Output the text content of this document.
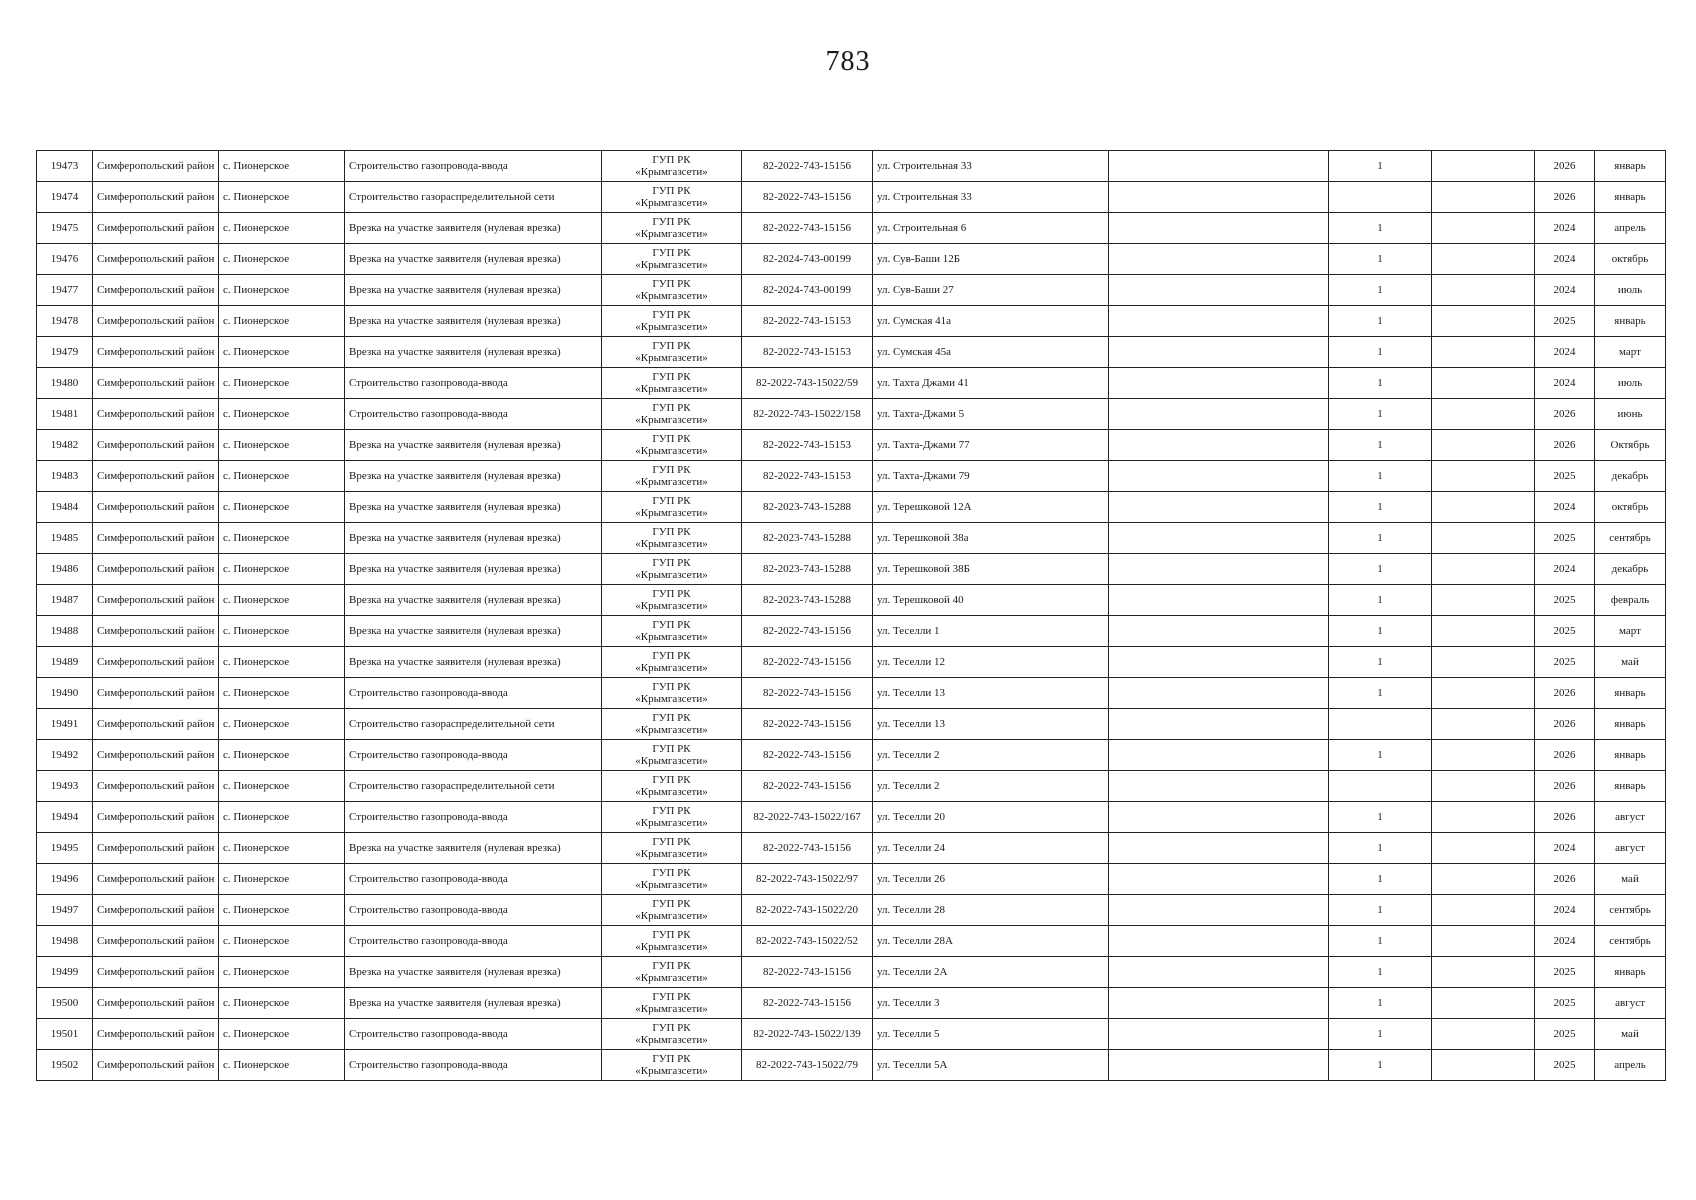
783
19473	Симферопольский район	с. Пионерское	Строительство газопровода-ввода	ГУП РК
«Крымгазсети»	82-2022-743-15156	ул. Строительная 33		1		2026	январь
19474	Симферопольский район	с. Пионерское	Строительство газораспределительной сети	ГУП РК
«Крымгазсети»	82-2022-743-15156	ул. Строительная 33				2026	январь
19475	Симферопольский район	с. Пионерское	Врезка на участке заявителя (нулевая врезка)	ГУП РК
«Крымгазсети»	82-2022-743-15156	ул. Строительная 6		1		2024	апрель
19476	Симферопольский район	с. Пионерское	Врезка на участке заявителя (нулевая врезка)	ГУП РК
«Крымгазсети»	82-2024-743-00199	ул. Сув-Баши 12Б		1		2024	октябрь
19477	Симферопольский район	с. Пионерское	Врезка на участке заявителя (нулевая врезка)	ГУП РК
«Крымгазсети»	82-2024-743-00199	ул. Сув-Баши 27		1		2024	июль
19478	Симферопольский район	с. Пионерское	Врезка на участке заявителя (нулевая врезка)	ГУП РК
«Крымгазсети»	82-2022-743-15153	ул. Сумская 41а		1		2025	январь
19479	Симферопольский район	с. Пионерское	Врезка на участке заявителя (нулевая врезка)	ГУП РК
«Крымгазсети»	82-2022-743-15153	ул. Сумская 45а		1		2024	март
19480	Симферопольский район	с. Пионерское	Строительство газопровода-ввода	ГУП РК
«Крымгазсети»	82-2022-743-15022/59	ул. Тахта Джами 41		1		2024	июль
19481	Симферопольский район	с. Пионерское	Строительство газопровода-ввода	ГУП РК
«Крымгазсети»	82-2022-743-15022/158	ул. Тахта-Джами 5		1		2026	июнь
19482	Симферопольский район	с. Пионерское	Врезка на участке заявителя (нулевая врезка)	ГУП РК
«Крымгазсети»	82-2022-743-15153	ул. Тахта-Джами 77		1		2026	Октябрь
19483	Симферопольский район	с. Пионерское	Врезка на участке заявителя (нулевая врезка)	ГУП РК
«Крымгазсети»	82-2022-743-15153	ул. Тахта-Джами 79		1		2025	декабрь
19484	Симферопольский район	с. Пионерское	Врезка на участке заявителя (нулевая врезка)	ГУП РК
«Крымгазсети»	82-2023-743-15288	ул. Терешковой 12А		1		2024	октябрь
19485	Симферопольский район	с. Пионерское	Врезка на участке заявителя (нулевая врезка)	ГУП РК
«Крымгазсети»	82-2023-743-15288	ул. Терешковой 38а		1		2025	сентябрь
19486	Симферопольский район	с. Пионерское	Врезка на участке заявителя (нулевая врезка)	ГУП РК
«Крымгазсети»	82-2023-743-15288	ул. Терешковой 38Б		1		2024	декабрь
19487	Симферопольский район	с. Пионерское	Врезка на участке заявителя (нулевая врезка)	ГУП РК
«Крымгазсети»	82-2023-743-15288	ул. Терешковой 40		1		2025	февраль
19488	Симферопольский район	с. Пионерское	Врезка на участке заявителя (нулевая врезка)	ГУП РК
«Крымгазсети»	82-2022-743-15156	ул. Теселли 1		1		2025	март
19489	Симферопольский район	с. Пионерское	Врезка на участке заявителя (нулевая врезка)	ГУП РК
«Крымгазсети»	82-2022-743-15156	ул. Теселли 12		1		2025	май
19490	Симферопольский район	с. Пионерское	Строительство газопровода-ввода	ГУП РК
«Крымгазсети»	82-2022-743-15156	ул. Теселли 13		1		2026	январь
19491	Симферопольский район	с. Пионерское	Строительство газораспределительной сети	ГУП РК
«Крымгазсети»	82-2022-743-15156	ул. Теселли 13				2026	январь
19492	Симферопольский район	с. Пионерское	Строительство газопровода-ввода	ГУП РК
«Крымгазсети»	82-2022-743-15156	ул. Теселли 2		1		2026	январь
19493	Симферопольский район	с. Пионерское	Строительство газораспределительной сети	ГУП РК
«Крымгазсети»	82-2022-743-15156	ул. Теселли 2				2026	январь
19494	Симферопольский район	с. Пионерское	Строительство газопровода-ввода	ГУП РК
«Крымгазсети»	82-2022-743-15022/167	ул. Теселли 20		1		2026	август
19495	Симферопольский район	с. Пионерское	Врезка на участке заявителя (нулевая врезка)	ГУП РК
«Крымгазсети»	82-2022-743-15156	ул. Теселли 24		1		2024	август
19496	Симферопольский район	с. Пионерское	Строительство газопровода-ввода	ГУП РК
«Крымгазсети»	82-2022-743-15022/97	ул. Теселли 26		1		2026	май
19497	Симферопольский район	с. Пионерское	Строительство газопровода-ввода	ГУП РК
«Крымгазсети»	82-2022-743-15022/20	ул. Теселли 28		1		2024	сентябрь
19498	Симферопольский район	с. Пионерское	Строительство газопровода-ввода	ГУП РК
«Крымгазсети»	82-2022-743-15022/52	ул. Теселли 28А		1		2024	сентябрь
19499	Симферопольский район	с. Пионерское	Врезка на участке заявителя (нулевая врезка)	ГУП РК
«Крымгазсети»	82-2022-743-15156	ул. Теселли 2А		1		2025	январь
19500	Симферопольский район	с. Пионерское	Врезка на участке заявителя (нулевая врезка)	ГУП РК
«Крымгазсети»	82-2022-743-15156	ул. Теселли 3		1		2025	август
19501	Симферопольский район	с. Пионерское	Строительство газопровода-ввода	ГУП РК
«Крымгазсети»	82-2022-743-15022/139	ул. Теселли 5		1		2025	май
19502	Симферопольский район	с. Пионерское	Строительство газопровода-ввода	ГУП РК
«Крымгазсети»	82-2022-743-15022/79	ул. Теселли 5А		1		2025	апрель
